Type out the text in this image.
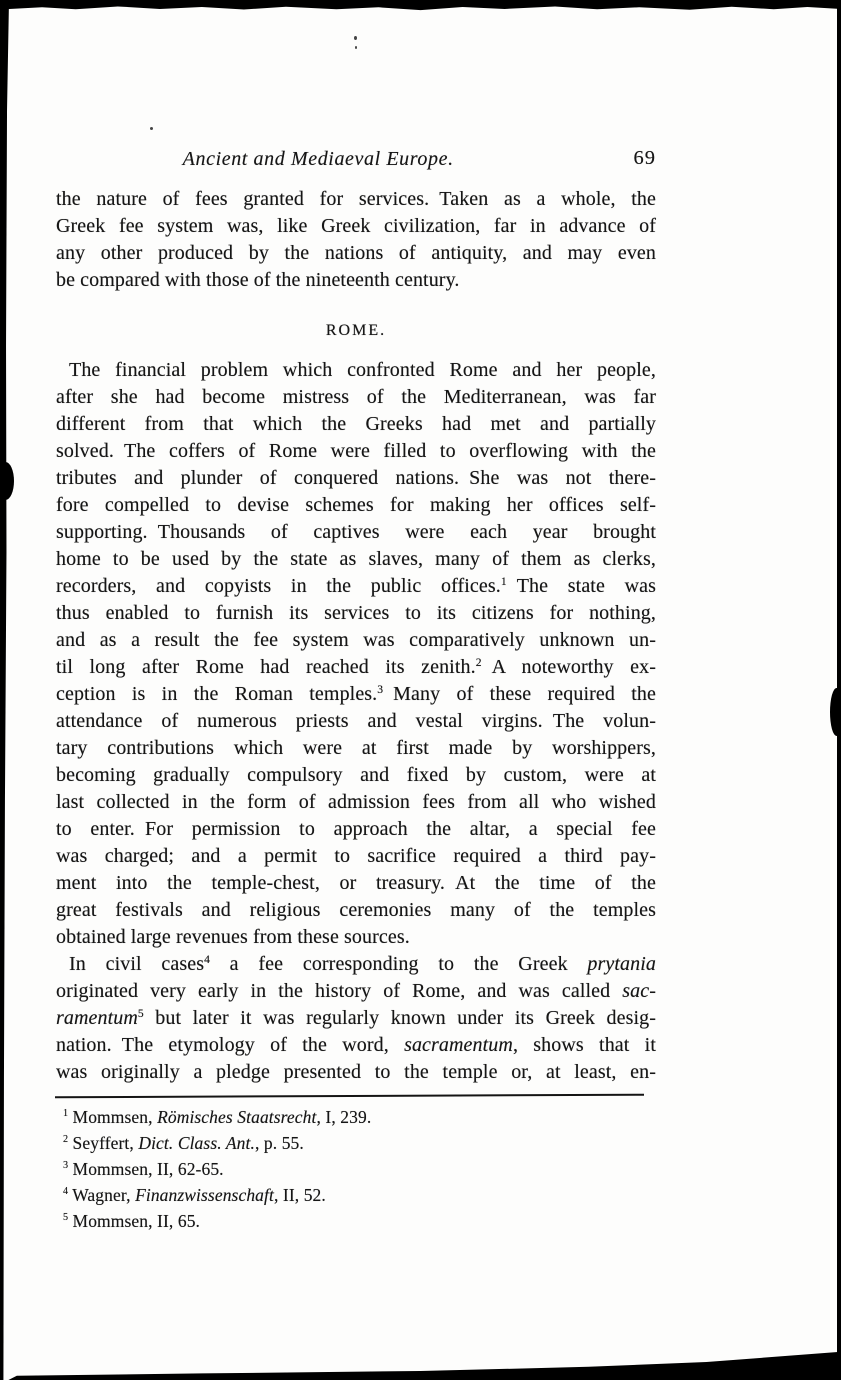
Ancient and Mediaeval Europe.	69
the nature of fees granted for services. Taken as a whole, the
Greek fee system was, like Greek civilization, far in advance of
any other produced by the nations of antiquity, and may even
be compared with those of the nineteenth century.
ROME.
The financial problem which confronted Rome and her people,
after she had become mistress of the Mediterranean, was far
different from that which the Greeks had met and partially
solved. The coffers of Rome were filled to overflowing with the
tributes and plunder of conquered nations. She was not there-
fore compelled to devise schemes for making her offices self-
supporting. Thousands of captives were each year brought
home to be used by the state as slaves, many of them as clerks,
recorders, and copyists in the public offices.$^1$ The state was
thus enabled to furnish its services to its citizens for nothing,
and as a result the fee system was comparatively unknown un-
til long after Rome had reached its zenith.$^2$ A noteworthy ex-
ception is in the Roman temples.$^3$ Many of these required the
attendance of numerous priests and vestal virgins. The volun-
tary contributions which were at first made by worshippers,
becoming gradually compulsory and fixed by custom, were at
last collected in the form of admission fees from all who wished
to enter. For permission to approach the altar, a special fee
was charged; and a permit to sacrifice required a third pay-
ment into the temple-chest, or treasury. At the time of the
great festivals and religious ceremonies many of the temples
obtained large revenues from these sources.
In civil cases$^4$ a fee corresponding to the Greek prytania
originated very early in the history of Rome, and was called sac-
ramentum$^5$ but later it was regularly known under its Greek desig-
nation. The etymology of the word, sacramentum, shows that it
was originally a pledge presented to the temple or, at least, en-
$^1$ Mommsen, Römisches Staatsrecht, I, 239.
$^2$ Seyffert, Dict. Class. Ant., p. 55.
$^3$ Mommsen, II, 62-65.
$^4$ Wagner, Finanzwissenschaft, II, 52.
$^5$ Mommsen, II, 65.
